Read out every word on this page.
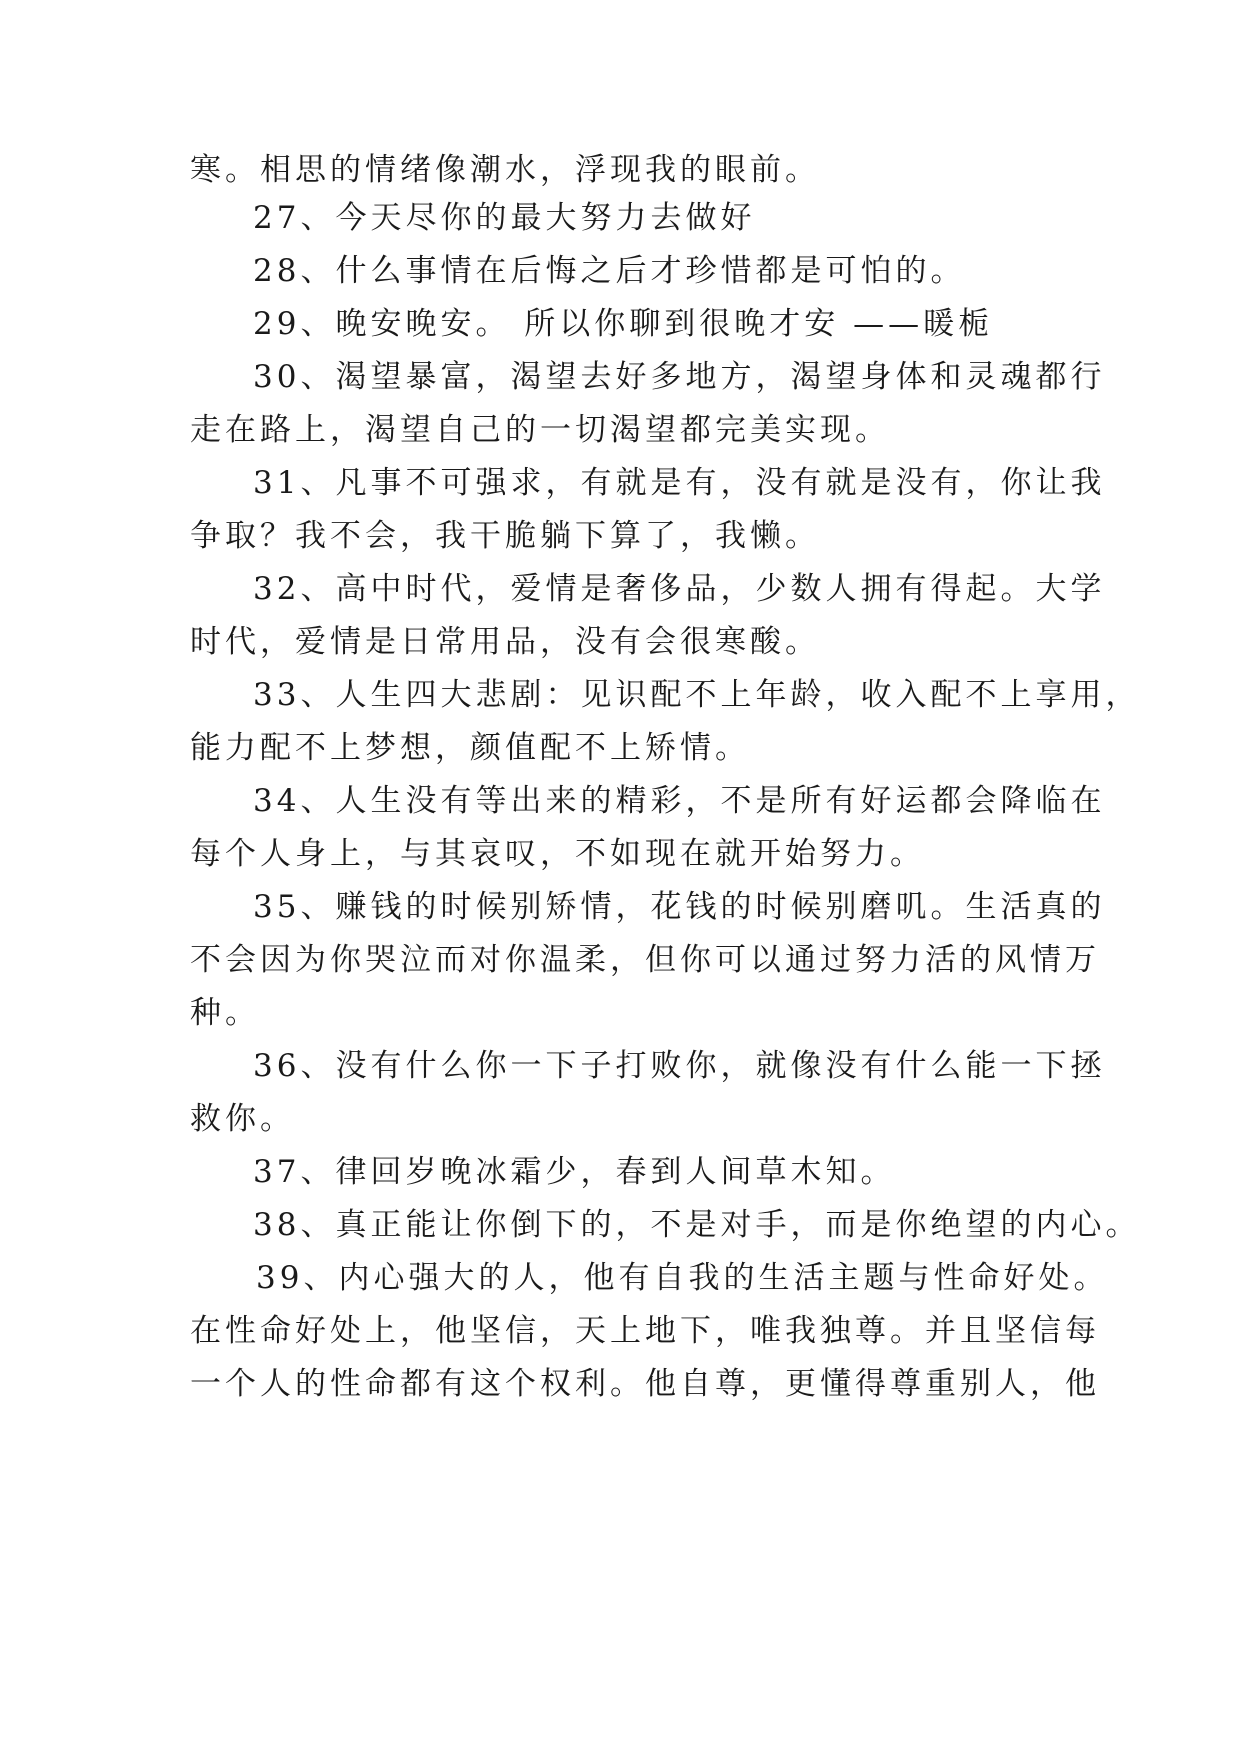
寒。相思的情绪像潮水，浮现我的眼前。
27、今天尽你的最大努力去做好
28、什么事情在后悔之后才珍惜都是可怕的。
29、晚安晚安。 所以你聊到很晚才安 ——暖栀
30、渴望暴富，渴望去好多地方，渴望身体和灵魂都行
走在路上，渴望自己的一切渴望都完美实现。
31、凡事不可强求，有就是有，没有就是没有，你让我
争取？我不会，我干脆躺下算了，我懒。
32、高中时代，爱情是奢侈品，少数人拥有得起。大学
时代，爱情是日常用品，没有会很寒酸。
33、人生四大悲剧：见识配不上年龄，收入配不上享用，
能力配不上梦想，颜值配不上矫情。
34、人生没有等出来的精彩，不是所有好运都会降临在
每个人身上，与其哀叹，不如现在就开始努力。
35、赚钱的时候别矫情，花钱的时候别磨叽。生活真的
不会因为你哭泣而对你温柔，但你可以通过努力活的风情万
种。
36、没有什么你一下子打败你，就像没有什么能一下拯
救你。
37、律回岁晚冰霜少，春到人间草木知。
38、真正能让你倒下的，不是对手，而是你绝望的内心。
39、内心强大的人，他有自我的生活主题与性命好处。
在性命好处上，他坚信，天上地下，唯我独尊。并且坚信每
一个人的性命都有这个权利。他自尊，更懂得尊重别人，他
